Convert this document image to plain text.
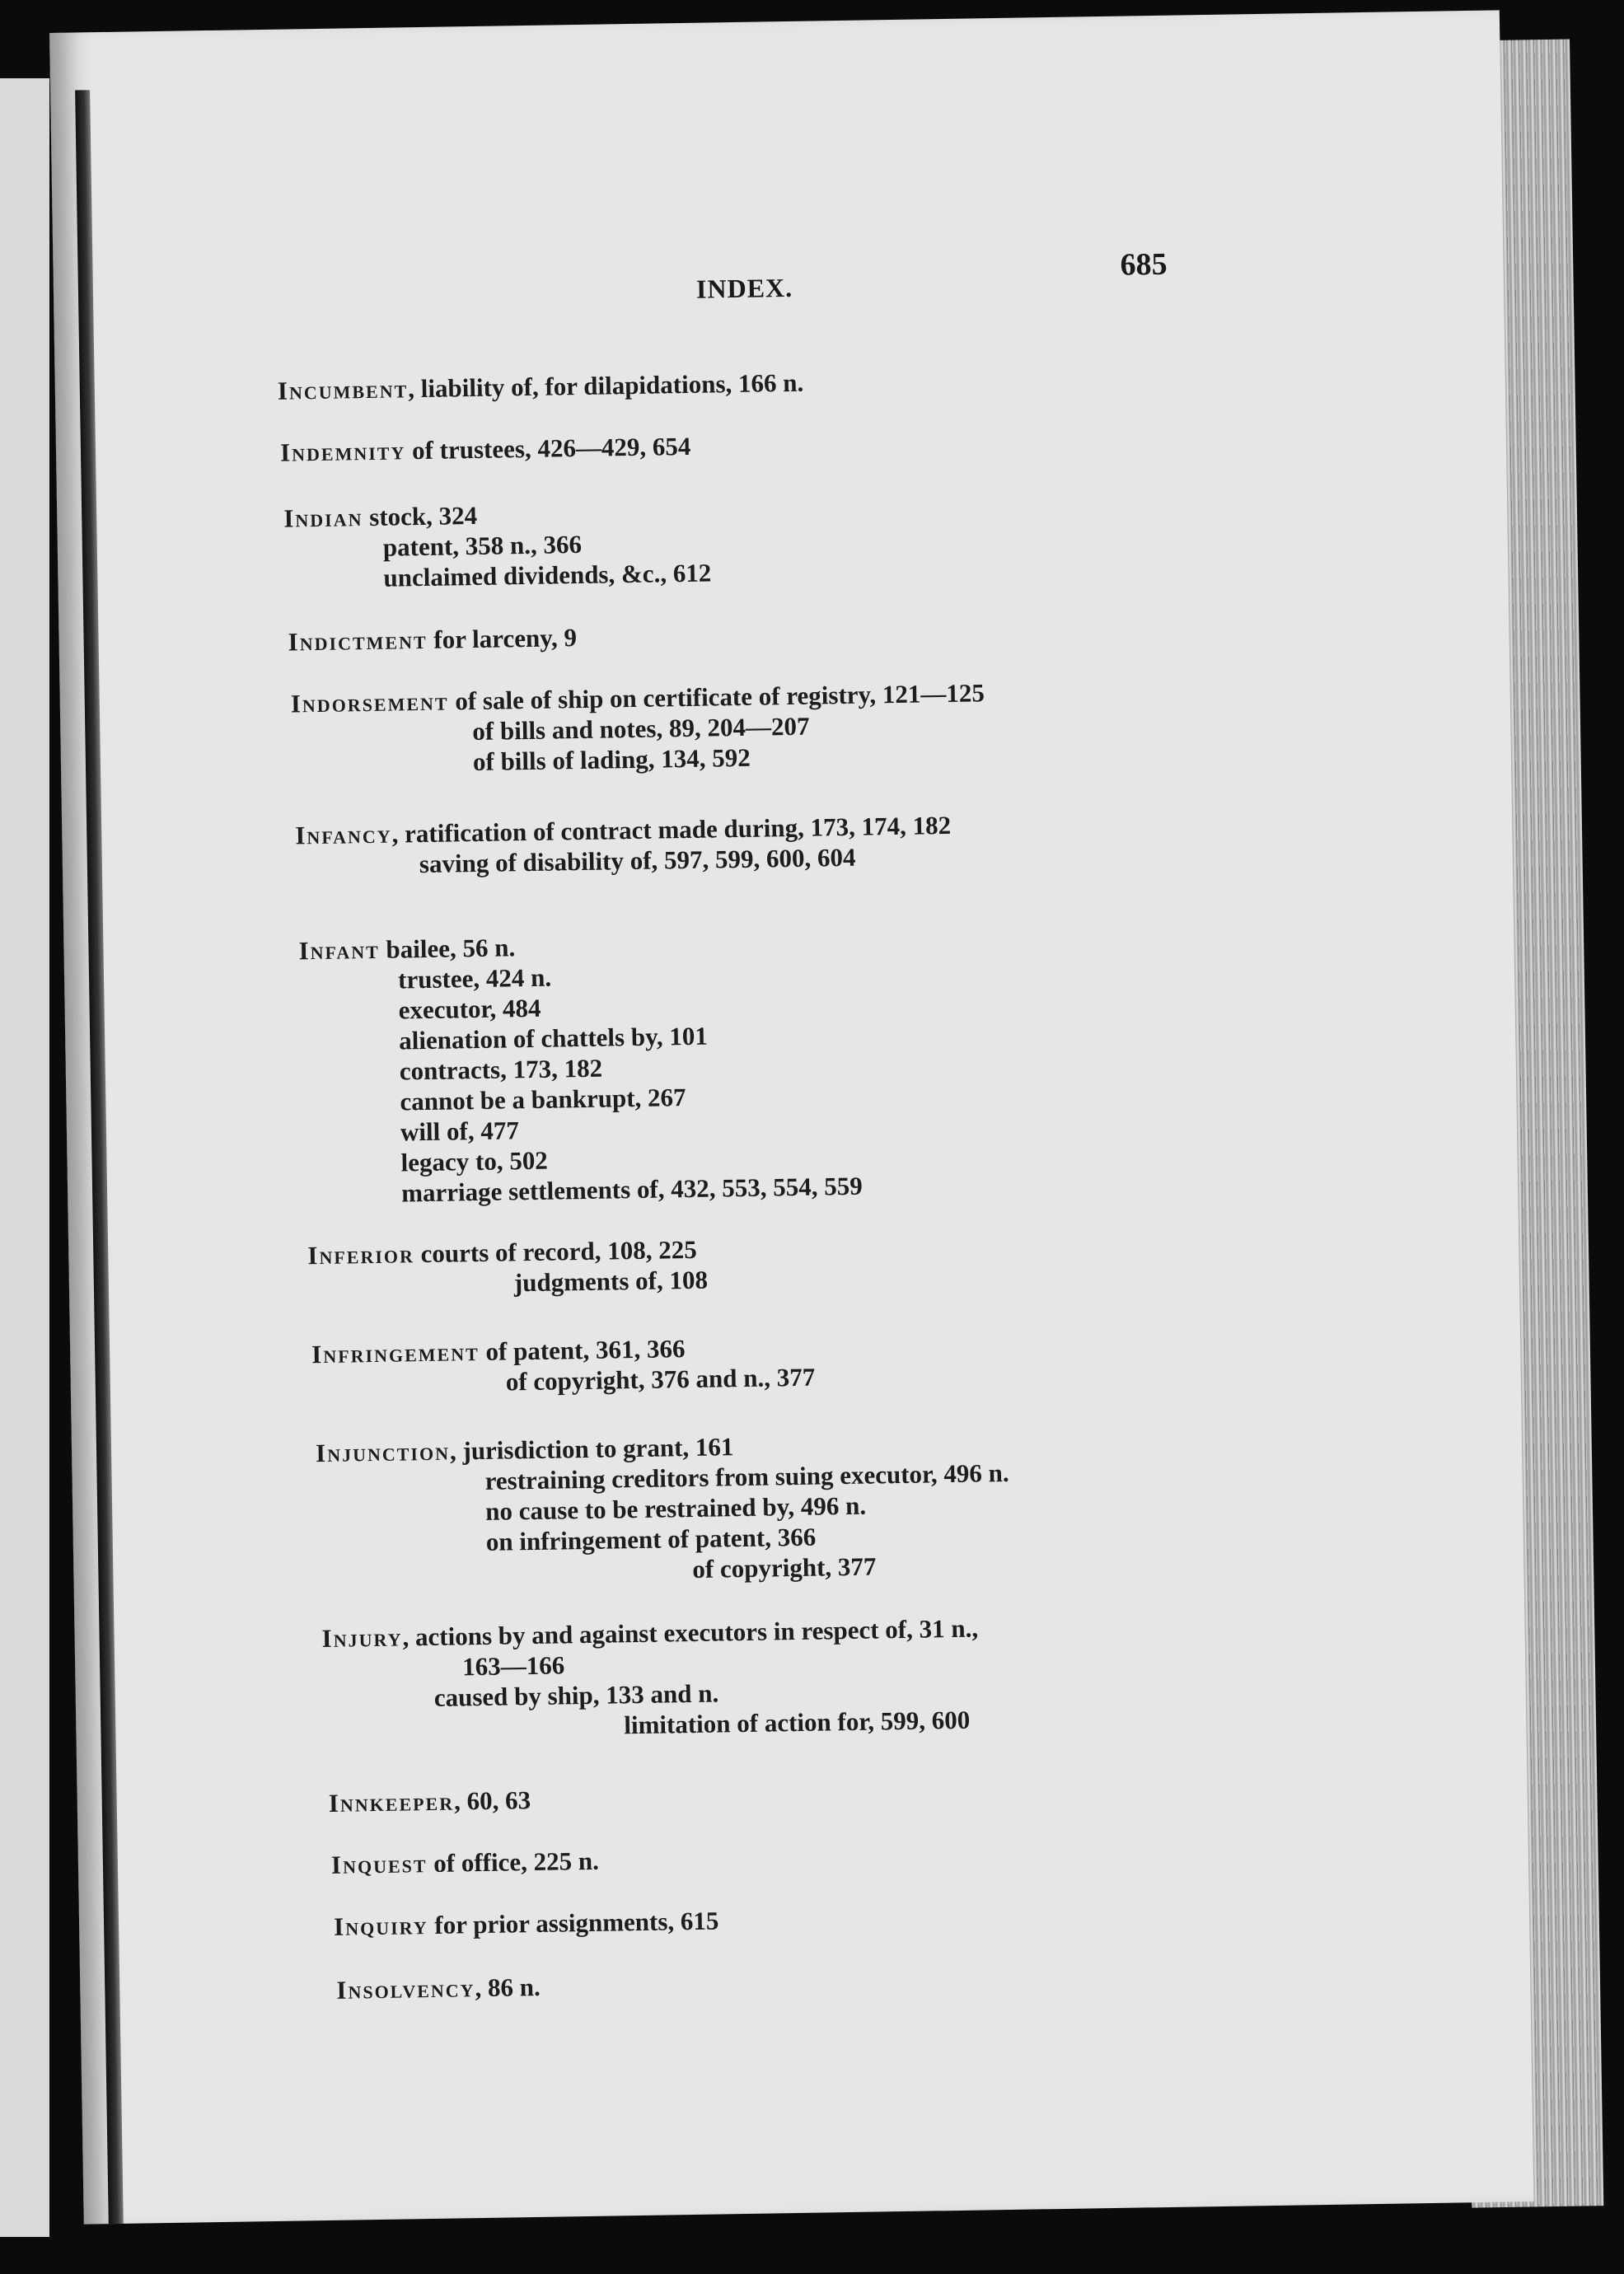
INDEX.
685
Incumbent, liability of, for dilapidations, 166 n.
Indemnity of trustees, 426—429, 654
Indian stock, 324
patent, 358 n., 366
unclaimed dividends, &c., 612
Indictment for larceny, 9
Indorsement of sale of ship on certificate of registry, 121—125
of bills and notes, 89, 204—207
of bills of lading, 134, 592
Infancy, ratification of contract made during, 173, 174, 182
saving of disability of, 597, 599, 600, 604
Infant bailee, 56 n.
trustee, 424 n.
executor, 484
alienation of chattels by, 101
contracts, 173, 182
cannot be a bankrupt, 267
will of, 477
legacy to, 502
marriage settlements of, 432, 553, 554, 559
Inferior courts of record, 108, 225
judgments of, 108
Infringement of patent, 361, 366
of copyright, 376 and n., 377
Injunction, jurisdiction to grant, 161
restraining creditors from suing executor, 496 n.
no cause to be restrained by, 496 n.
on infringement of patent, 366
of copyright, 377
Injury, actions by and against executors in respect of, 31 n.,
163—166
caused by ship, 133 and n.
limitation of action for, 599, 600
Innkeeper, 60, 63
Inquest of office, 225 n.
Inquiry for prior assignments, 615
Insolvency, 86 n.
